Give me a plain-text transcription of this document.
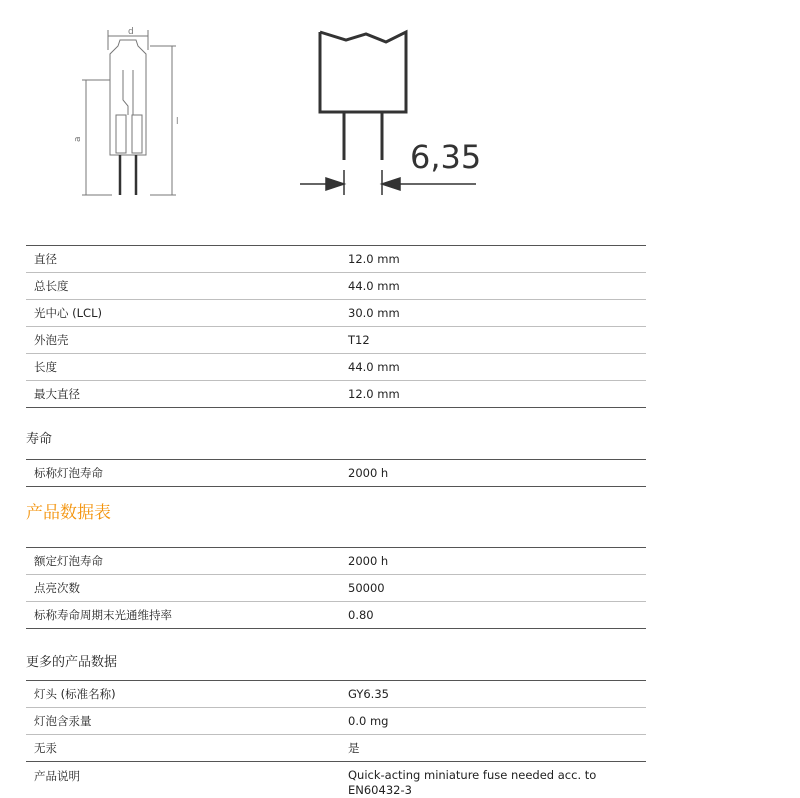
d
a
l
6,35
直径	12.0 mm
总长度	44.0 mm
光中心 (LCL)	30.0 mm
外泡壳	T12
长度	44.0 mm
最大直径	12.0 mm
寿命
标称灯泡寿命	2000 h
产品数据表
额定灯泡寿命	2000 h
点亮次数	50000
标称寿命周期末光通维持率	0.80
更多的产品数据
灯头 (标准名称)	GY6.35
灯泡含汞量	0.0 mg
无汞	是
产品说明	Quick-acting miniature fuse needed acc. to EN60432-3
